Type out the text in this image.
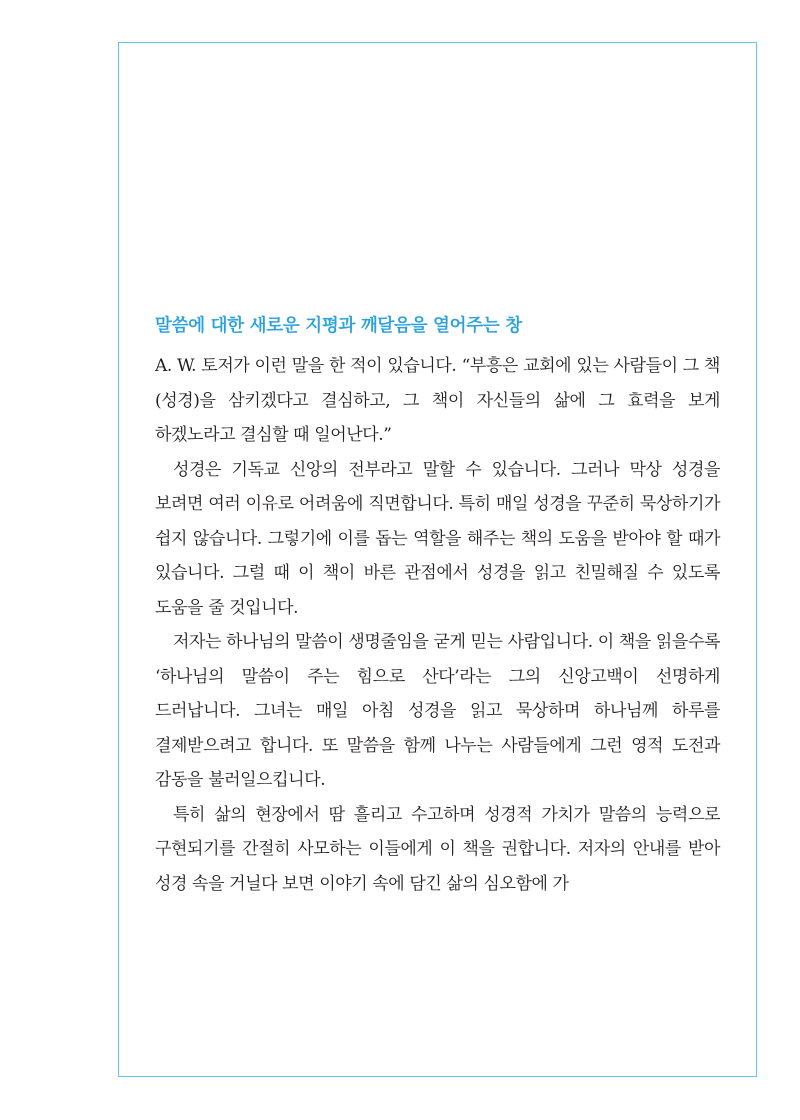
말씀에 대한 새로운 지평과 깨달음을 열어주는 창

A. W. 토저가 이런 말을 한 적이 있습니다. “부흥은 교회에 있는 사람들이 그 책(성경)을 삼키겠다고 결심하고, 그 책이 자신들의 삶에 그 효력을 보게 하겠노라고 결심할 때 일어난다.”

성경은 기독교 신앙의 전부라고 말할 수 있습니다. 그러나 막상 성경을 보려면 여러 이유로 어려움에 직면합니다. 특히 매일 성경을 꾸준히 묵상하기가 쉽지 않습니다. 그렇기에 이를 돕는 역할을 해주는 책의 도움을 받아야 할 때가 있습니다. 그럴 때 이 책이 바른 관점에서 성경을 읽고 친밀해질 수 있도록 도움을 줄 것입니다.

저자는 하나님의 말씀이 생명줄임을 굳게 믿는 사람입니다. 이 책을 읽을수록 ‘하나님의 말씀이 주는 힘으로 산다’라는 그의 신앙고백이 선명하게 드러납니다. 그녀는 매일 아침 성경을 읽고 묵상하며 하나님께 하루를 결제받으려고 합니다. 또 말씀을 함께 나누는 사람들에게 그런 영적 도전과 감동을 불러일으킵니다.

특히 삶의 현장에서 땀 흘리고 수고하며 성경적 가치가 말씀의 능력으로 구현되기를 간절히 사모하는 이들에게 이 책을 권합니다. 저자의 안내를 받아 성경 속을 거닐다 보면 이야기 속에 담긴 삶의 심오함에 가
